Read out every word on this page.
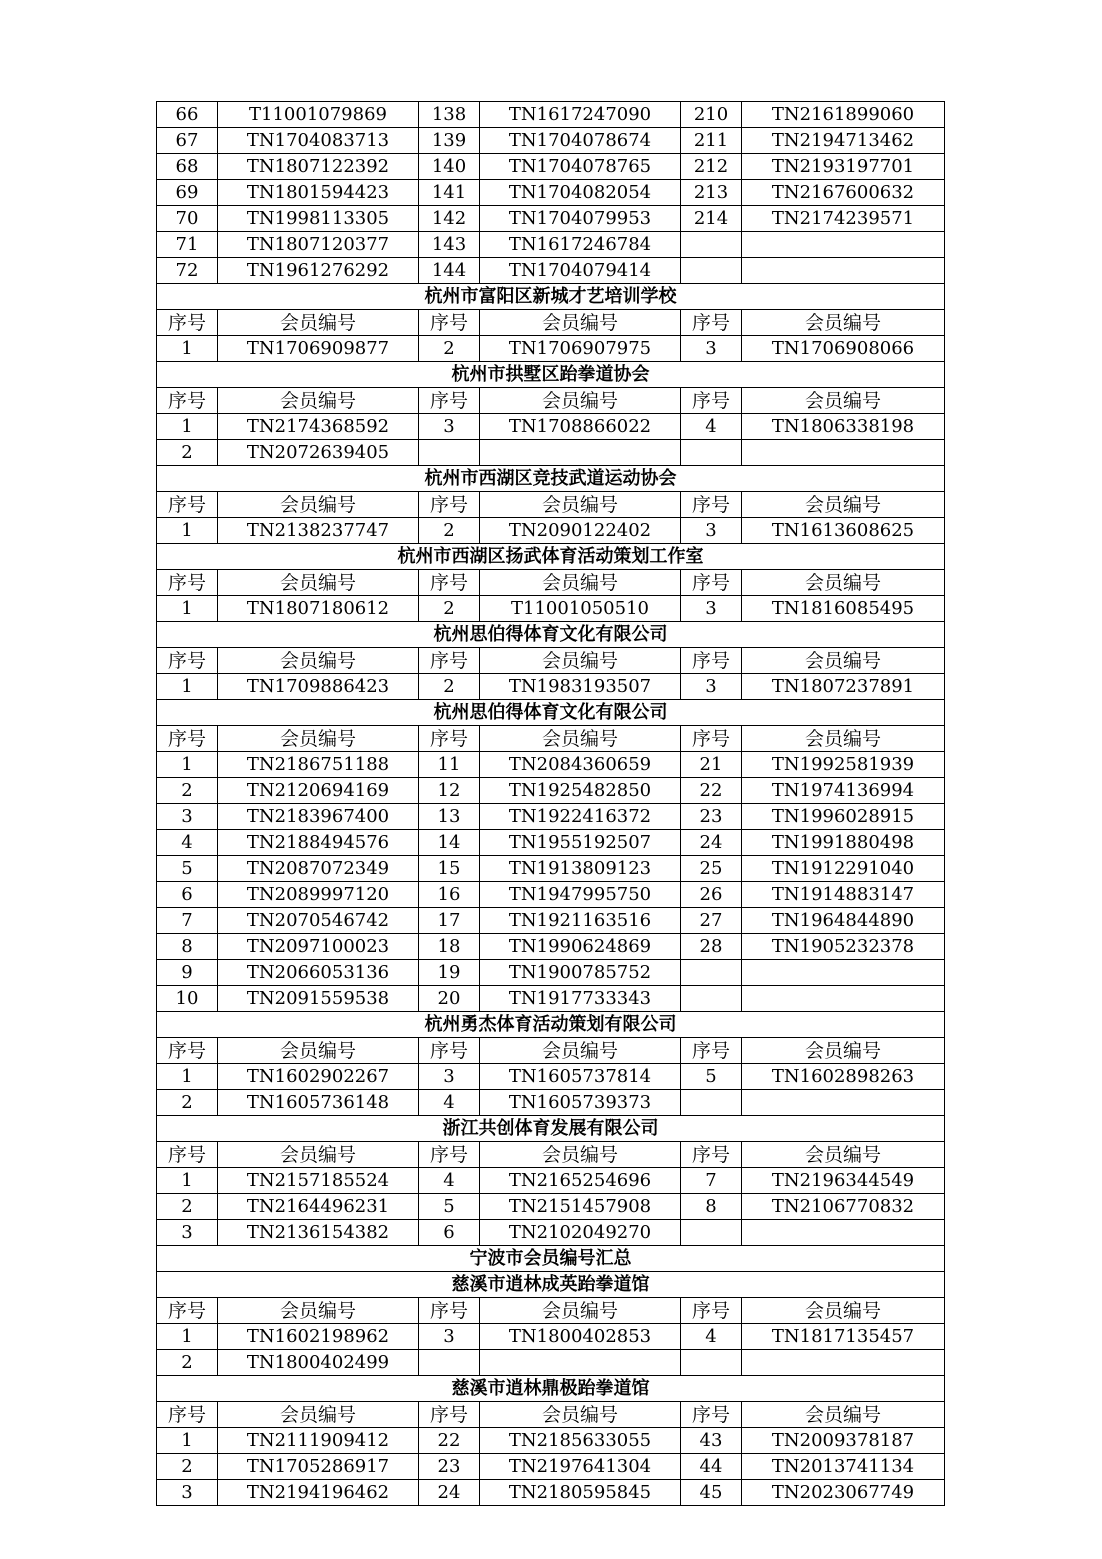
66	T11001079869	138	TN1617247090	210	TN2161899060
67	TN1704083713	139	TN1704078674	211	TN2194713462
68	TN1807122392	140	TN1704078765	212	TN2193197701
69	TN1801594423	141	TN1704082054	213	TN2167600632
70	TN1998113305	142	TN1704079953	214	TN2174239571
71	TN1807120377	143	TN1617246784		
72	TN1961276292	144	TN1704079414		
杭州市富阳区新城才艺培训学校					
序号	会员编号	序号	会员编号	序号	会员编号
1	TN1706909877	2	TN1706907975	3	TN1706908066
杭州市拱墅区跆拳道协会					
序号	会员编号	序号	会员编号	序号	会员编号
1	TN2174368592	3	TN1708866022	4	TN1806338198
2	TN2072639405				
杭州市西湖区竞技武道运动协会					
序号	会员编号	序号	会员编号	序号	会员编号
1	TN2138237747	2	TN2090122402	3	TN1613608625
杭州市西湖区扬武体育活动策划工作室					
序号	会员编号	序号	会员编号	序号	会员编号
1	TN1807180612	2	T11001050510	3	TN1816085495
杭州思伯得体育文化有限公司					
序号	会员编号	序号	会员编号	序号	会员编号
1	TN1709886423	2	TN1983193507	3	TN1807237891
杭州思伯得体育文化有限公司					
序号	会员编号	序号	会员编号	序号	会员编号
1	TN2186751188	11	TN2084360659	21	TN1992581939
2	TN2120694169	12	TN1925482850	22	TN1974136994
3	TN2183967400	13	TN1922416372	23	TN1996028915
4	TN2188494576	14	TN1955192507	24	TN1991880498
5	TN2087072349	15	TN1913809123	25	TN1912291040
6	TN2089997120	16	TN1947995750	26	TN1914883147
7	TN2070546742	17	TN1921163516	27	TN1964844890
8	TN2097100023	18	TN1990624869	28	TN1905232378
9	TN2066053136	19	TN1900785752		
10	TN2091559538	20	TN1917733343		
杭州勇杰体育活动策划有限公司					
序号	会员编号	序号	会员编号	序号	会员编号
1	TN1602902267	3	TN1605737814	5	TN1602898263
2	TN1605736148	4	TN1605739373		
浙江共创体育发展有限公司					
序号	会员编号	序号	会员编号	序号	会员编号
1	TN2157185524	4	TN2165254696	7	TN2196344549
2	TN2164496231	5	TN2151457908	8	TN2106770832
3	TN2136154382	6	TN2102049270		
宁波市会员编号汇总					
慈溪市逍林成英跆拳道馆					
序号	会员编号	序号	会员编号	序号	会员编号
1	TN1602198962	3	TN1800402853	4	TN1817135457
2	TN1800402499				
慈溪市逍林鼎极跆拳道馆					
序号	会员编号	序号	会员编号	序号	会员编号
1	TN2111909412	22	TN2185633055	43	TN2009378187
2	TN1705286917	23	TN2197641304	44	TN2013741134
3	TN2194196462	24	TN2180595845	45	TN2023067749
